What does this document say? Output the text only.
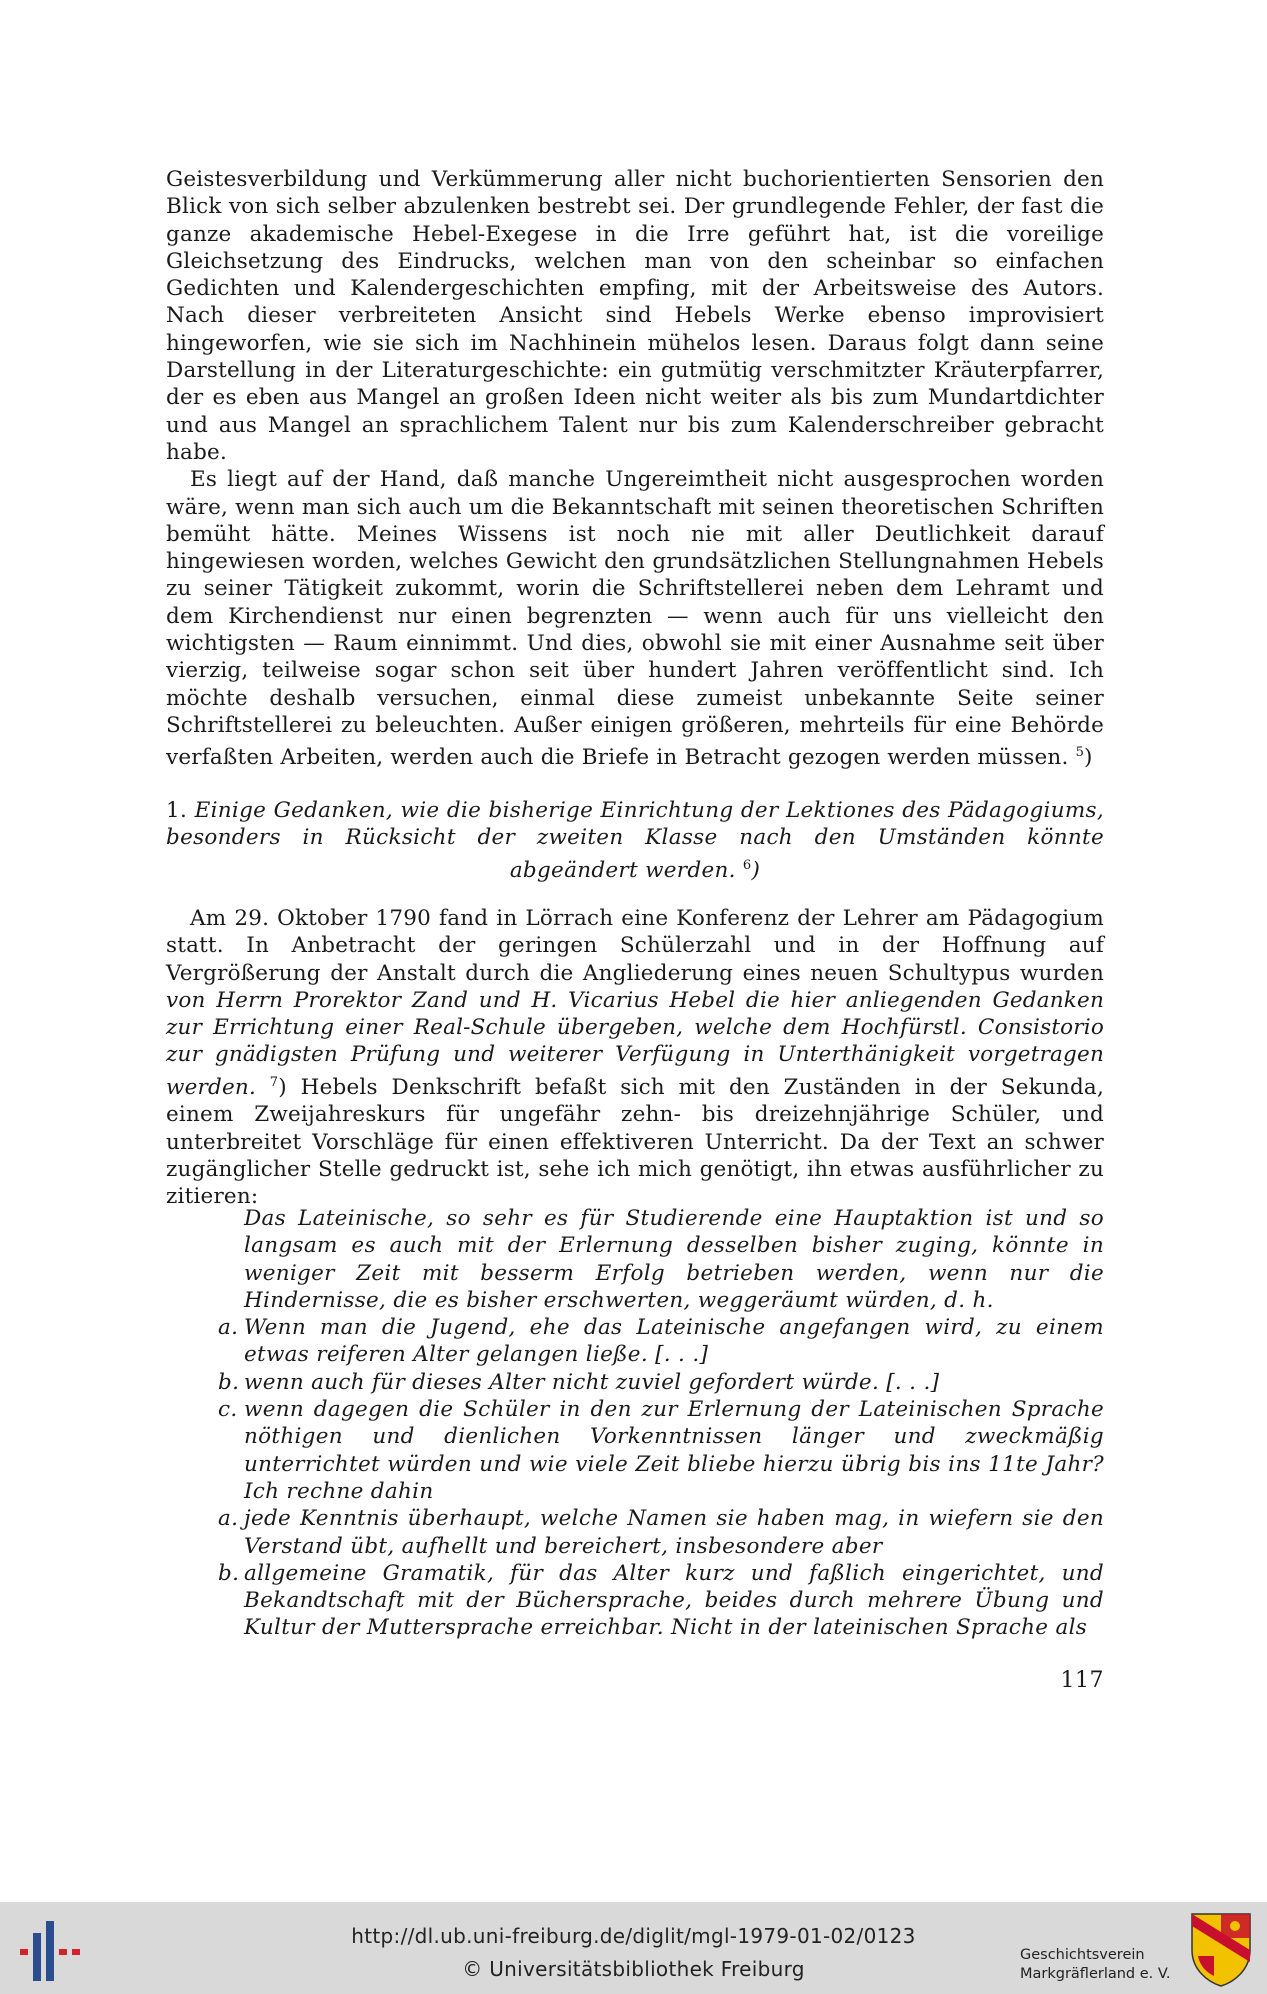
Geistesverbildung und Verkümmerung aller nicht buchorientierten Sensorien den Blick von sich selber abzulenken bestrebt sei. Der grundlegende Fehler, der fast die ganze akademische Hebel-Exegese in die Irre geführt hat, ist die voreilige Gleichsetzung des Eindrucks, welchen man von den scheinbar so einfachen Gedichten und Kalendergeschichten empfing, mit der Arbeitsweise des Autors. Nach dieser verbreiteten Ansicht sind Hebels Werke ebenso improvisiert hingeworfen, wie sie sich im Nachhinein mühelos lesen. Daraus folgt dann seine Darstellung in der Literaturgeschichte: ein gutmütig verschmitzter Kräuterpfarrer, der es eben aus Mangel an großen Ideen nicht weiter als bis zum Mundartdichter und aus Mangel an sprachlichem Talent nur bis zum Kalenderschreiber gebracht habe.

Es liegt auf der Hand, daß manche Ungereimtheit nicht ausgesprochen worden wäre, wenn man sich auch um die Bekanntschaft mit seinen theoretischen Schriften bemüht hätte. Meines Wissens ist noch nie mit aller Deutlichkeit darauf hingewiesen worden, welches Gewicht den grundsätzlichen Stellungnahmen Hebels zu seiner Tätigkeit zukommt, worin die Schriftstellerei neben dem Lehramt und dem Kirchendienst nur einen begrenzten — wenn auch für uns vielleicht den wichtigsten — Raum einnimmt. Und dies, obwohl sie mit einer Ausnahme seit über vierzig, teilweise sogar schon seit über hundert Jahren veröffentlicht sind. Ich möchte deshalb versuchen, einmal diese zumeist unbekannte Seite seiner Schriftstellerei zu beleuchten. Außer einigen größeren, mehrteils für eine Behörde verfaßten Arbeiten, werden auch die Briefe in Betracht gezogen werden müssen. $^5$)

1. Einige Gedanken, wie die bisherige Einrichtung der Lektiones des Pädagogiums, besonders in Rücksicht der zweiten Klasse nach den Umständen könnte abgeändert werden. $^6$)

Am 29. Oktober 1790 fand in Lörrach eine Konferenz der Lehrer am Pädagogium statt. In Anbetracht der geringen Schülerzahl und in der Hoffnung auf Vergrößerung der Anstalt durch die Angliederung eines neuen Schultypus wurden von Herrn Prorektor Zand und H. Vicarius Hebel die hier anliegenden Gedanken zur Errichtung einer Real-Schule übergeben, welche dem Hochfürstl. Consistorio zur gnädigsten Prüfung und weiterer Verfügung in Unterthänigkeit vorgetragen werden. $^7$) Hebels Denkschrift befaßt sich mit den Zuständen in der Sekunda, einem Zweijahreskurs für ungefähr zehn- bis dreizehnjährige Schüler, und unterbreitet Vorschläge für einen effektiveren Unterricht. Da der Text an schwer zugänglicher Stelle gedruckt ist, sehe ich mich genötigt, ihn etwas ausführlicher zu zitieren:

Das Lateinische, so sehr es für Studierende eine Hauptaktion ist und so langsam es auch mit der Erlernung desselben bisher zuging, könnte in weniger Zeit mit besserm Erfolg betrieben werden, wenn nur die Hindernisse, die es bisher erschwerten, weggeräumt würden, d. h.

a. Wenn man die Jugend, ehe das Lateinische angefangen wird, zu einem etwas reiferen Alter gelangen ließe. [. . .]
b. wenn auch für dieses Alter nicht zuviel gefordert würde. [. . .]
c. wenn dagegen die Schüler in den zur Erlernung der Lateinischen Sprache nöthigen und dienlichen Vorkenntnissen länger und zweckmäßig unterrichtet würden und wie viele Zeit bliebe hierzu übrig bis ins 11te Jahr? Ich rechne dahin
a. jede Kenntnis überhaupt, welche Namen sie haben mag, in wiefern sie den Verstand übt, aufhellt und bereichert, insbesondere aber
b. allgemeine Gramatik, für das Alter kurz und faßlich eingerichtet, und Bekandtschaft mit der Büchersprache, beides durch mehrere Übung und Kultur der Muttersprache erreichbar. Nicht in der lateinischen Sprache als
117
http://dl.ub.uni-freiburg.de/diglit/mgl-1979-01-02/0123
© Universitätsbibliothek Freiburg
Geschichtsverein
Markgräflerland e. V.
